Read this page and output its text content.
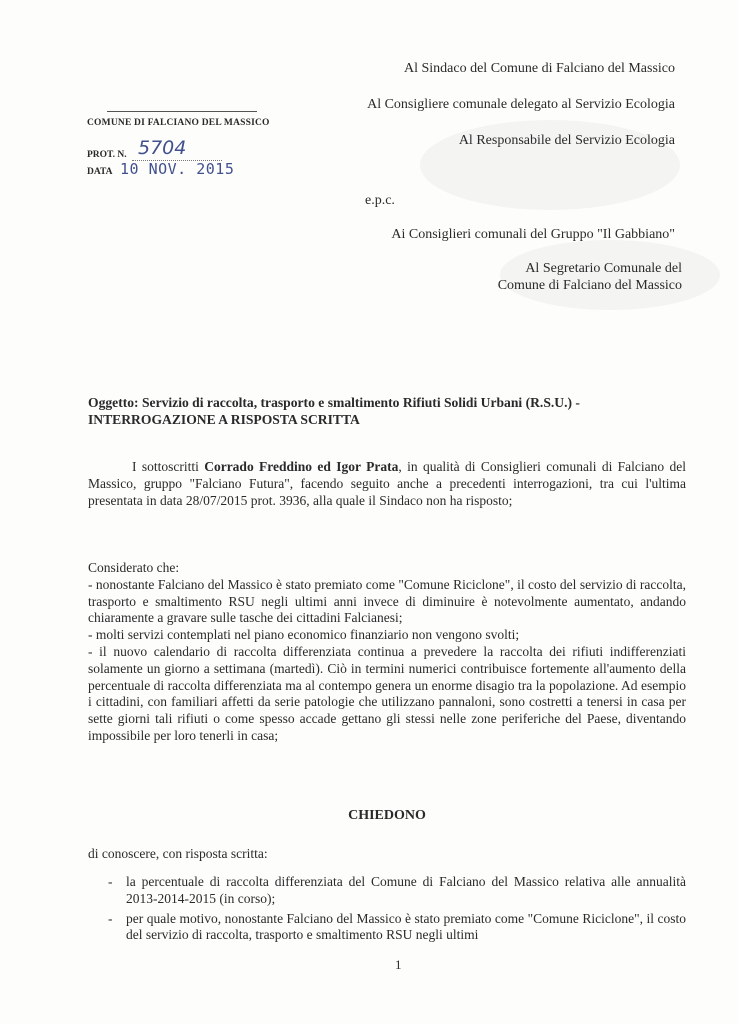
Al Sindaco del Comune di Falciano del Massico
Al Consigliere comunale delegato al Servizio Ecologia
Al Responsabile del Servizio Ecologia
e.p.c.
Ai Consiglieri comunali del Gruppo "Il Gabbiano"
Al Segretario Comunale del
Comune di Falciano del Massico
COMUNE DI FALCIANO DEL MASSICO
PROT. N. 5704
DATA 10 NOV. 2015
Oggetto: Servizio di raccolta, trasporto e smaltimento Rifiuti Solidi Urbani (R.S.U.) -
INTERROGAZIONE A RISPOSTA SCRITTA
I sottoscritti Corrado Freddino ed Igor Prata, in qualità di Consiglieri comunali di Falciano del Massico, gruppo "Falciano Futura", facendo seguito anche a precedenti interrogazioni, tra cui l'ultima presentata in data 28/07/2015 prot. 3936, alla quale il Sindaco non ha risposto;

Considerato che:

- nonostante Falciano del Massico è stato premiato come "Comune Riciclone", il costo del servizio di raccolta, trasporto e smaltimento RSU negli ultimi anni invece di diminuire è notevolmente aumentato, andando chiaramente a gravare sulle tasche dei cittadini Falcianesi;

- molti servizi contemplati nel piano economico finanziario non vengono svolti;

- il nuovo calendario di raccolta differenziata continua a prevedere la raccolta dei rifiuti indifferenziati solamente un giorno a settimana (martedì). Ciò in termini numerici contribuisce fortemente all'aumento della percentuale di raccolta differenziata ma al contempo genera un enorme disagio tra la popolazione. Ad esempio i cittadini, con familiari affetti da serie patologie che utilizzano pannaloni, sono costretti a tenersi in casa per sette giorni tali rifiuti o come spesso accade gettano gli stessi nelle zone periferiche del Paese, diventando impossibile per loro tenerli in casa;

CHIEDONO
di conoscere, con risposta scritta:
- la percentuale di raccolta differenziata del Comune di Falciano del Massico relativa alle annualità 2013-2014-2015 (in corso);
- per quale motivo, nonostante Falciano del Massico è stato premiato come "Comune Riciclone", il costo del servizio di raccolta, trasporto e smaltimento RSU negli ultimi
1
